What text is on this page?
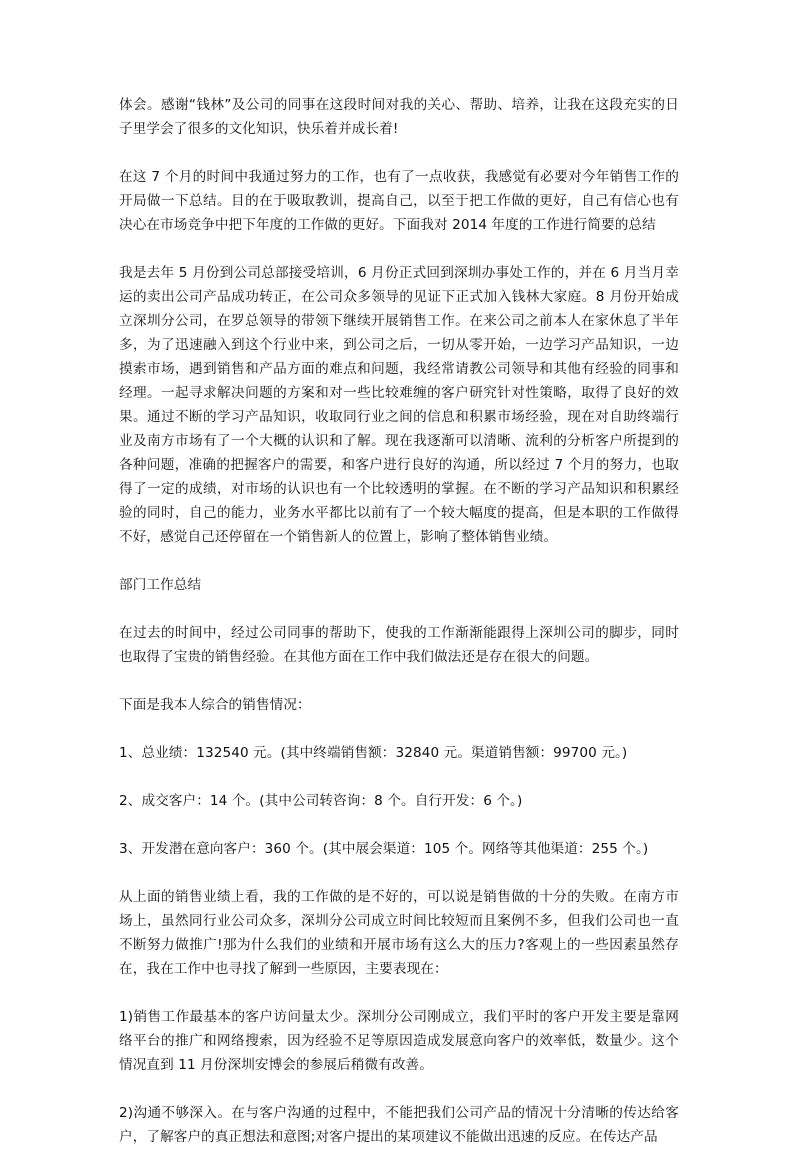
体会。感谢“钱林”及公司的同事在这段时间对我的关心、帮助、培养，让我在这段充实的日子里学会了很多的文化知识，快乐着并成长着!

在这 7 个月的时间中我通过努力的工作，也有了一点收获，我感觉有必要对今年销售工作的开局做一下总结。目的在于吸取教训，提高自己，以至于把工作做的更好，自己有信心也有决心在市场竞争中把下年度的工作做的更好。下面我对 2014 年度的工作进行简要的总结

我是去年 5 月份到公司总部接受培训，6 月份正式回到深圳办事处工作的，并在 6 月当月幸运的卖出公司产品成功转正，在公司众多领导的见证下正式加入钱林大家庭。8 月份开始成立深圳分公司，在罗总领导的带领下继续开展销售工作。在来公司之前本人在家休息了半年多，为了迅速融入到这个行业中来，到公司之后，一切从零开始，一边学习产品知识，一边摸索市场，遇到销售和产品方面的难点和问题，我经常请教公司领导和其他有经验的同事和经理。一起寻求解决问题的方案和对一些比较难缠的客户研究针对性策略，取得了良好的效果。通过不断的学习产品知识，收取同行业之间的信息和积累市场经验，现在对自助终端行业及南方市场有了一个大概的认识和了解。现在我逐渐可以清晰、流利的分析客户所提到的各种问题，准确的把握客户的需要，和客户进行良好的沟通，所以经过 7 个月的努力，也取得了一定的成绩，对市场的认识也有一个比较透明的掌握。在不断的学习产品知识和积累经验的同时，自己的能力，业务水平都比以前有了一个较大幅度的提高，但是本职的工作做得不好，感觉自己还停留在一个销售新人的位置上，影响了整体销售业绩。

部门工作总结

在过去的时间中，经过公司同事的帮助下，使我的工作渐渐能跟得上深圳公司的脚步，同时也取得了宝贵的销售经验。在其他方面在工作中我们做法还是存在很大的问题。

下面是我本人综合的销售情况：

1、总业绩：132540 元。(其中终端销售额：32840 元。渠道销售额：99700 元。)

2、成交客户：14 个。(其中公司转咨询：8 个。自行开发：6 个。)

3、开发潜在意向客户：360 个。(其中展会渠道：105 个。网络等其他渠道：255 个。)

从上面的销售业绩上看，我的工作做的是不好的，可以说是销售做的十分的失败。在南方市场上，虽然同行业公司众多，深圳分公司成立时间比较短而且案例不多，但我们公司也一直不断努力做推广!那为什么我们的业绩和开展市场有这么大的压力?客观上的一些因素虽然存在，我在工作中也寻找了解到一些原因，主要表现在：

1)销售工作最基本的客户访问量太少。深圳分公司刚成立，我们平时的客户开发主要是靠网络平台的推广和网络搜索，因为经验不足等原因造成发展意向客户的效率低，数量少。这个情况直到 11 月份深圳安博会的参展后稍微有改善。

2)沟通不够深入。在与客户沟通的过程中，不能把我们公司产品的情况十分清晰的传达给客户，了解客户的真正想法和意图;对客户提出的某项建议不能做出迅速的反应。在传达产品
